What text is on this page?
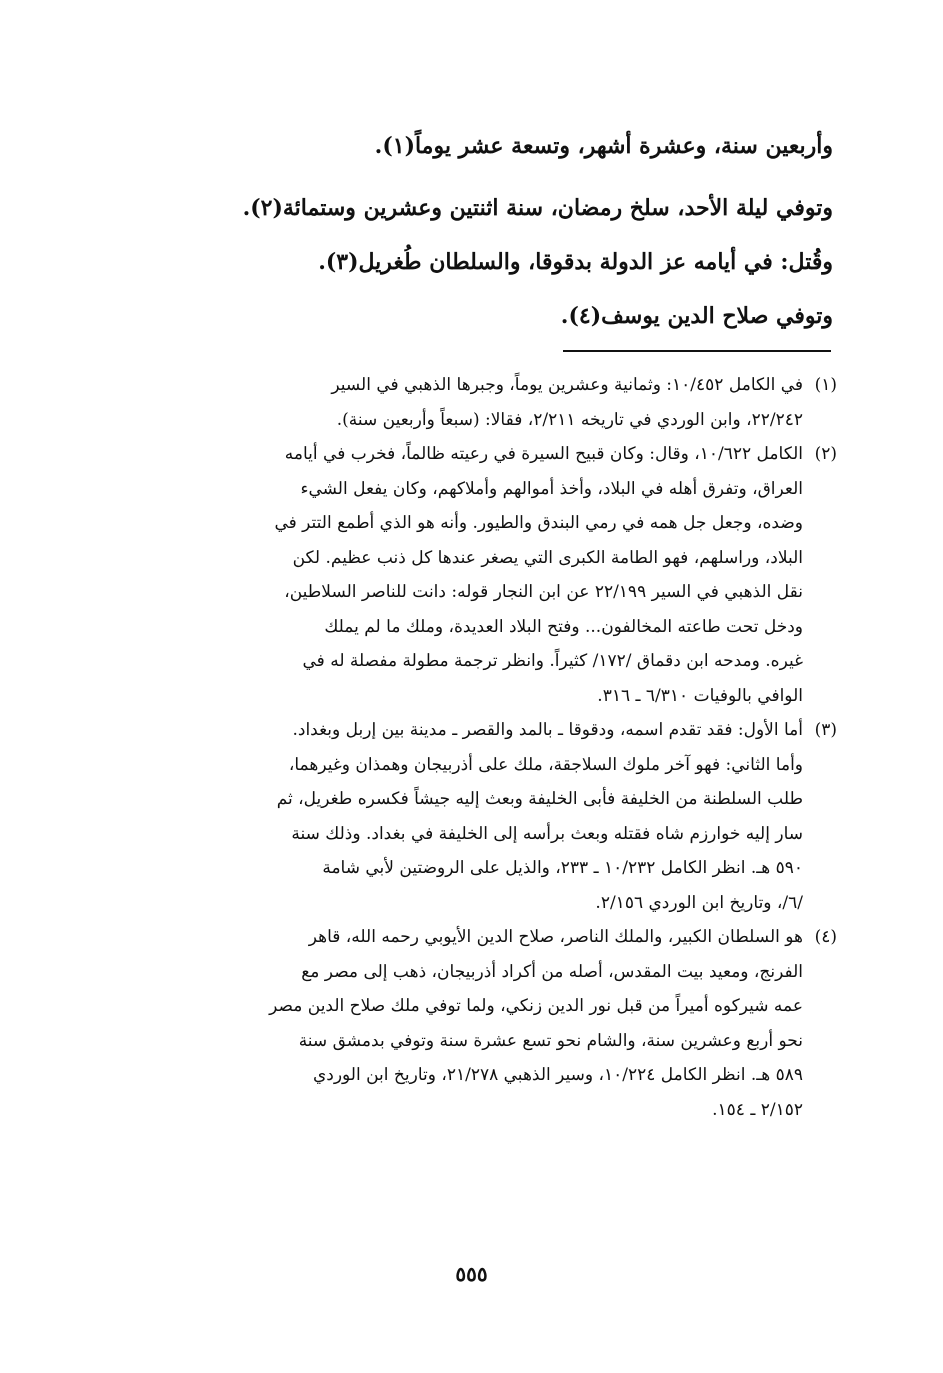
وأربعين سنة، وعشرة أشهر، وتسعة عشر يوماً(١).
وتوفي ليلة الأحد، سلخ رمضان، سنة اثنتين وعشرين وستمائة(٢).
وقُتل: في أيامه عز الدولة بدقوقا، والسلطان طُغريل(٣).
وتوفي صلاح الدين يوسف(٤).
(١)في الكامل ١٠/٤٥٢: وثمانية وعشرين يوماً، وجبرها الذهبي في السير
٢٢/٢٤٢، وابن الوردي في تاريخه ٢/٢١١، فقالا: (سبعاً وأربعين سنة).
(٢)الكامل ١٠/٦٢٢، وقال: وكان قبيح السيرة في رعيته ظالماً، فخرب في أيامه
العراق، وتفرق أهله في البلاد، وأخذ أموالهم وأملاكهم، وكان يفعل الشيء
وضده، وجعل جل همه في رمي البندق والطيور. وأنه هو الذي أطمع التتر في
البلاد، وراسلهم، فهو الطامة الكبرى التي يصغر عندها كل ذنب عظيم. لكن
نقل الذهبي في السير ٢٢/١٩٩ عن ابن النجار قوله: دانت للناصر السلاطين،
ودخل تحت طاعته المخالفون... وفتح البلاد العديدة، وملك ما لم يملك
غيره. ومدحه ابن دقماق /١٧٢/ كثيراً. وانظر ترجمة مطولة مفصلة له في
الوافي بالوفيات ٦/٣١٠ ـ ٣١٦.
(٣)أما الأول: فقد تقدم اسمه، ودقوقا ـ بالمد والقصر ـ مدينة بين إربل وبغداد.
وأما الثاني: فهو آخر ملوك السلاجقة، ملك على أذربيجان وهمذان وغيرهما،
طلب السلطنة من الخليفة فأبى الخليفة وبعث إليه جيشاً فكسره طغريل، ثم
سار إليه خوارزم شاه فقتله وبعث برأسه إلى الخليفة في بغداد. وذلك سنة
٥٩٠ هـ. انظر الكامل ١٠/٢٣٢ ـ ٢٣٣، والذيل على الروضتين لأبي شامة
/٦/، وتاريخ ابن الوردي ٢/١٥٦.
(٤)هو السلطان الكبير، والملك الناصر، صلاح الدين الأيوبي رحمه الله، قاهر
الفرنج، ومعيد بيت المقدس، أصله من أكراد أذربيجان، ذهب إلى مصر مع
عمه شيركوه أميراً من قبل نور الدين زنكي، ولما توفي ملك صلاح الدين مصر
نحو أربع وعشرين سنة، والشام نحو تسع عشرة سنة وتوفي بدمشق سنة
٥٨٩ هـ. انظر الكامل ١٠/٢٢٤، وسير الذهبي ٢١/٢٧٨، وتاريخ ابن الوردي
٢/١٥٢ ـ ١٥٤.
٥٥٥
